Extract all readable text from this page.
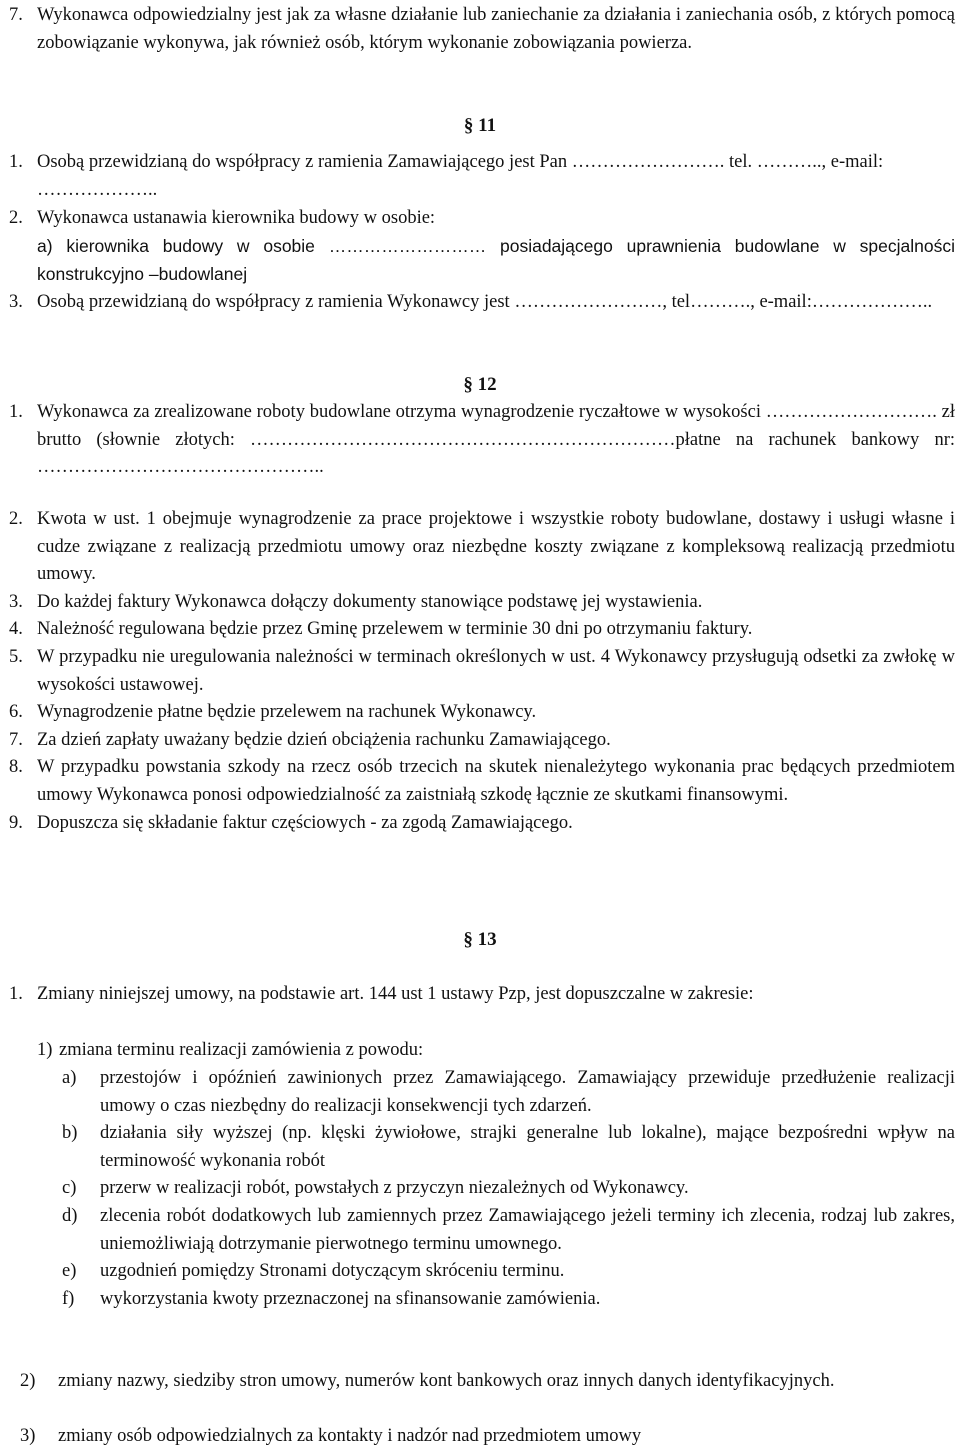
7. Wykonawca odpowiedzialny jest jak za własne działanie lub zaniechanie za działania i zaniechania osób, z których pomocą zobowiązanie wykonywa, jak również osób, którym wykonanie zobowiązania powierza.
§ 11
1. Osobą przewidzianą do współpracy z ramienia Zamawiającego jest Pan ……………………. tel. ……….., e-mail: ………………..
2. Wykonawca ustanawia kierownika budowy w osobie:
a) kierownika budowy w osobie ……………………… posiadającego uprawnienia budowlane w specjalności konstrukcyjno –budowlanej
3. Osobą przewidzianą do współpracy z ramienia Wykonawcy jest ……………………, tel………., e-mail:………………..
§ 12
1. Wykonawca za zrealizowane roboty budowlane otrzyma wynagrodzenie ryczałtowe w wysokości ………………………. zł brutto (słownie złotych: ……………………………………………………………płatne na rachunek bankowy nr: ………………………………………..
2. Kwota w ust. 1 obejmuje wynagrodzenie za prace projektowe i wszystkie roboty budowlane, dostawy i usługi własne i cudze związane z realizacją przedmiotu umowy oraz niezbędne koszty związane z kompleksową realizacją przedmiotu umowy.
3. Do każdej faktury Wykonawca dołączy dokumenty stanowiące podstawę jej wystawienia.
4. Należność regulowana będzie przez Gminę przelewem w terminie 30 dni po otrzymaniu faktury.
5. W przypadku nie uregulowania należności w terminach określonych w ust. 4 Wykonawcy przysługują odsetki za zwłokę w wysokości ustawowej.
6. Wynagrodzenie płatne będzie przelewem na rachunek Wykonawcy.
7. Za dzień zapłaty uważany będzie dzień obciążenia rachunku Zamawiającego.
8. W przypadku powstania szkody na rzecz osób trzecich na skutek nienależytego wykonania prac będących przedmiotem umowy Wykonawca ponosi odpowiedzialność za zaistniałą szkodę łącznie ze skutkami finansowymi.
9. Dopuszcza się składanie faktur częściowych - za zgodą Zamawiającego.
§ 13
1. Zmiany niniejszej umowy, na podstawie art. 144 ust 1 ustawy Pzp, jest dopuszczalne w zakresie:
1) zmiana terminu realizacji zamówienia z powodu:
a)	przestojów i opóźnień zawinionych przez Zamawiającego. Zamawiający przewiduje przedłużenie realizacji umowy o czas niezbędny do realizacji konsekwencji tych zdarzeń.
b)	działania siły wyższej (np. klęski żywiołowe, strajki generalne lub lokalne), mające bezpośredni wpływ na terminowość wykonania robót
c)	przerw w realizacji robót, powstałych z przyczyn niezależnych od Wykonawcy.
d)	zlecenia robót dodatkowych lub zamiennych przez Zamawiającego jeżeli terminy ich zlecenia, rodzaj lub zakres, uniemożliwiają dotrzymanie pierwotnego terminu umownego.
e)	uzgodnień pomiędzy Stronami dotyczącym skróceniu terminu.
f)	wykorzystania kwoty przeznaczonej na sfinansowanie zamówienia.
2)	zmiany nazwy, siedziby stron umowy, numerów kont bankowych oraz innych danych identyfikacyjnych.
3)	zmiany osób odpowiedzialnych za kontakty i nadzór nad przedmiotem umowy
